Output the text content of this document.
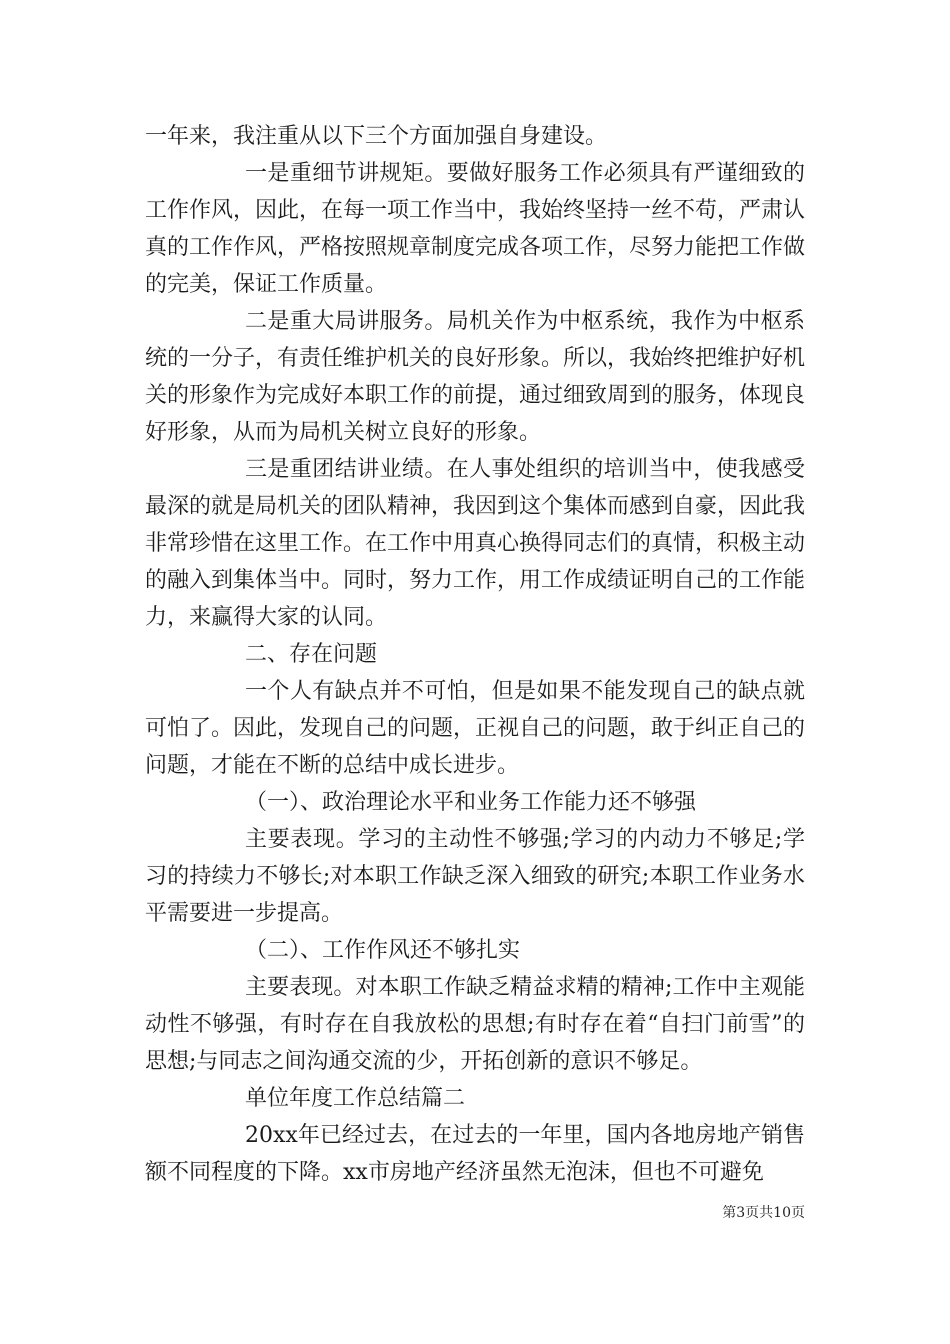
一年来，我注重从以下三个方面加强自身建设。

一是重细节讲规矩。要做好服务工作必须具有严谨细致的工作作风，因此，在每一项工作当中，我始终坚持一丝不苟，严肃认真的工作作风，严格按照规章制度完成各项工作，尽努力能把工作做的完美，保证工作质量。

二是重大局讲服务。局机关作为中枢系统，我作为中枢系统的一分子，有责任维护机关的良好形象。所以，我始终把维护好机关的形象作为完成好本职工作的前提，通过细致周到的服务，体现良好形象，从而为局机关树立良好的形象。

三是重团结讲业绩。在人事处组织的培训当中，使我感受最深的就是局机关的团队精神，我因到这个集体而感到自豪，因此我非常珍惜在这里工作。在工作中用真心换得同志们的真情，积极主动的融入到集体当中。同时，努力工作，用工作成绩证明自己的工作能力，来赢得大家的认同。

二、存在问题

一个人有缺点并不可怕，但是如果不能发现自己的缺点就可怕了。因此，发现自己的问题，正视自己的问题，敢于纠正自己的问题，才能在不断的总结中成长进步。

（一）、政治理论水平和业务工作能力还不够强

主要表现。学习的主动性不够强;学习的内动力不够足;学习的持续力不够长;对本职工作缺乏深入细致的研究;本职工作业务水平需要进一步提高。

（二）、工作作风还不够扎实

主要表现。对本职工作缺乏精益求精的精神;工作中主观能动性不够强，有时存在自我放松的思想;有时存在着“自扫门前雪”的思想;与同志之间沟通交流的少，开拓创新的意识不够足。

单位年度工作总结篇二

20xx年已经过去，在过去的一年里，国内各地房地产销售额不同程度的下降。xx市房地产经济虽然无泡沫，但也不可避免

第3页共10页
